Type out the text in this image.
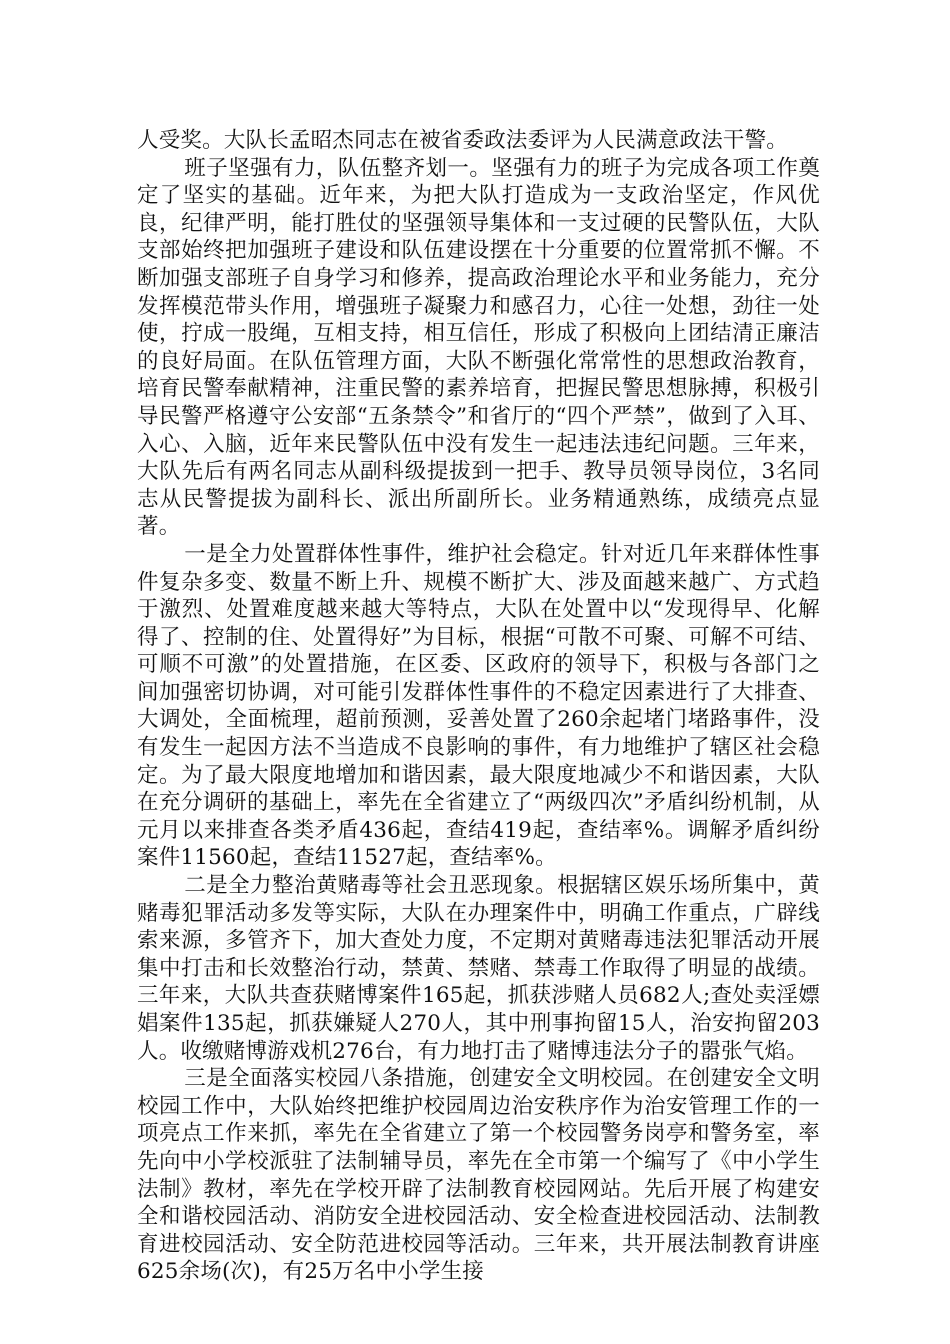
人受奖。大队长孟昭杰同志在被省委政法委评为人民满意政法干警。

班子坚强有力，队伍整齐划一。坚强有力的班子为完成各项工作奠定了坚实的基础。近年来，为把大队打造成为一支政治坚定，作风优良，纪律严明，能打胜仗的坚强领导集体和一支过硬的民警队伍，大队支部始终把加强班子建设和队伍建设摆在十分重要的位置常抓不懈。不断加强支部班子自身学习和修养，提高政治理论水平和业务能力，充分发挥模范带头作用，增强班子凝聚力和感召力，心往一处想，劲往一处使，拧成一股绳，互相支持，相互信任，形成了积极向上团结清正廉洁的良好局面。在队伍管理方面，大队不断强化常常性的思想政治教育，培育民警奉献精神，注重民警的素养培育，把握民警思想脉搏，积极引导民警严格遵守公安部“五条禁令”和省厅的“四个严禁”，做到了入耳、入心、入脑，近年来民警队伍中没有发生一起违法违纪问题。三年来，大队先后有两名同志从副科级提拔到一把手、教导员领导岗位，3名同志从民警提拔为副科长、派出所副所长。业务精通熟练，成绩亮点显著。

一是全力处置群体性事件，维护社会稳定。针对近几年来群体性事件复杂多变、数量不断上升、规模不断扩大、涉及面越来越广、方式趋于激烈、处置难度越来越大等特点，大队在处置中以“发现得早、化解得了、控制的住、处置得好”为目标，根据“可散不可聚、可解不可结、可顺不可激”的处置措施，在区委、区政府的领导下，积极与各部门之间加强密切协调，对可能引发群体性事件的不稳定因素进行了大排查、大调处，全面梳理，超前预测，妥善处置了260余起堵门堵路事件，没有发生一起因方法不当造成不良影响的事件，有力地维护了辖区社会稳定。为了最大限度地增加和谐因素，最大限度地减少不和谐因素，大队在充分调研的基础上，率先在全省建立了“两级四次”矛盾纠纷机制，从元月以来排查各类矛盾436起，查结419起，查结率%。调解矛盾纠纷案件11560起，查结11527起，查结率%。

二是全力整治黄赌毒等社会丑恶现象。根据辖区娱乐场所集中，黄赌毒犯罪活动多发等实际，大队在办理案件中，明确工作重点，广辟线索来源，多管齐下，加大查处力度，不定期对黄赌毒违法犯罪活动开展集中打击和长效整治行动，禁黄、禁赌、禁毒工作取得了明显的战绩。三年来，大队共查获赌博案件165起，抓获涉赌人员682人;查处卖淫嫖娼案件135起，抓获嫌疑人270人，其中刑事拘留15人，治安拘留203人。收缴赌博游戏机276台，有力地打击了赌博违法分子的嚣张气焰。

三是全面落实校园八条措施，创建安全文明校园。在创建安全文明校园工作中，大队始终把维护校园周边治安秩序作为治安管理工作的一项亮点工作来抓，率先在全省建立了第一个校园警务岗亭和警务室，率先向中小学校派驻了法制辅导员，率先在全市第一个编写了《中小学生法制》教材，率先在学校开辟了法制教育校园网站。先后开展了构建安全和谐校园活动、消防安全进校园活动、安全检查进校园活动、法制教育进校园活动、安全防范进校园等活动。三年来，共开展法制教育讲座625余场(次)，有25万名中小学生接
